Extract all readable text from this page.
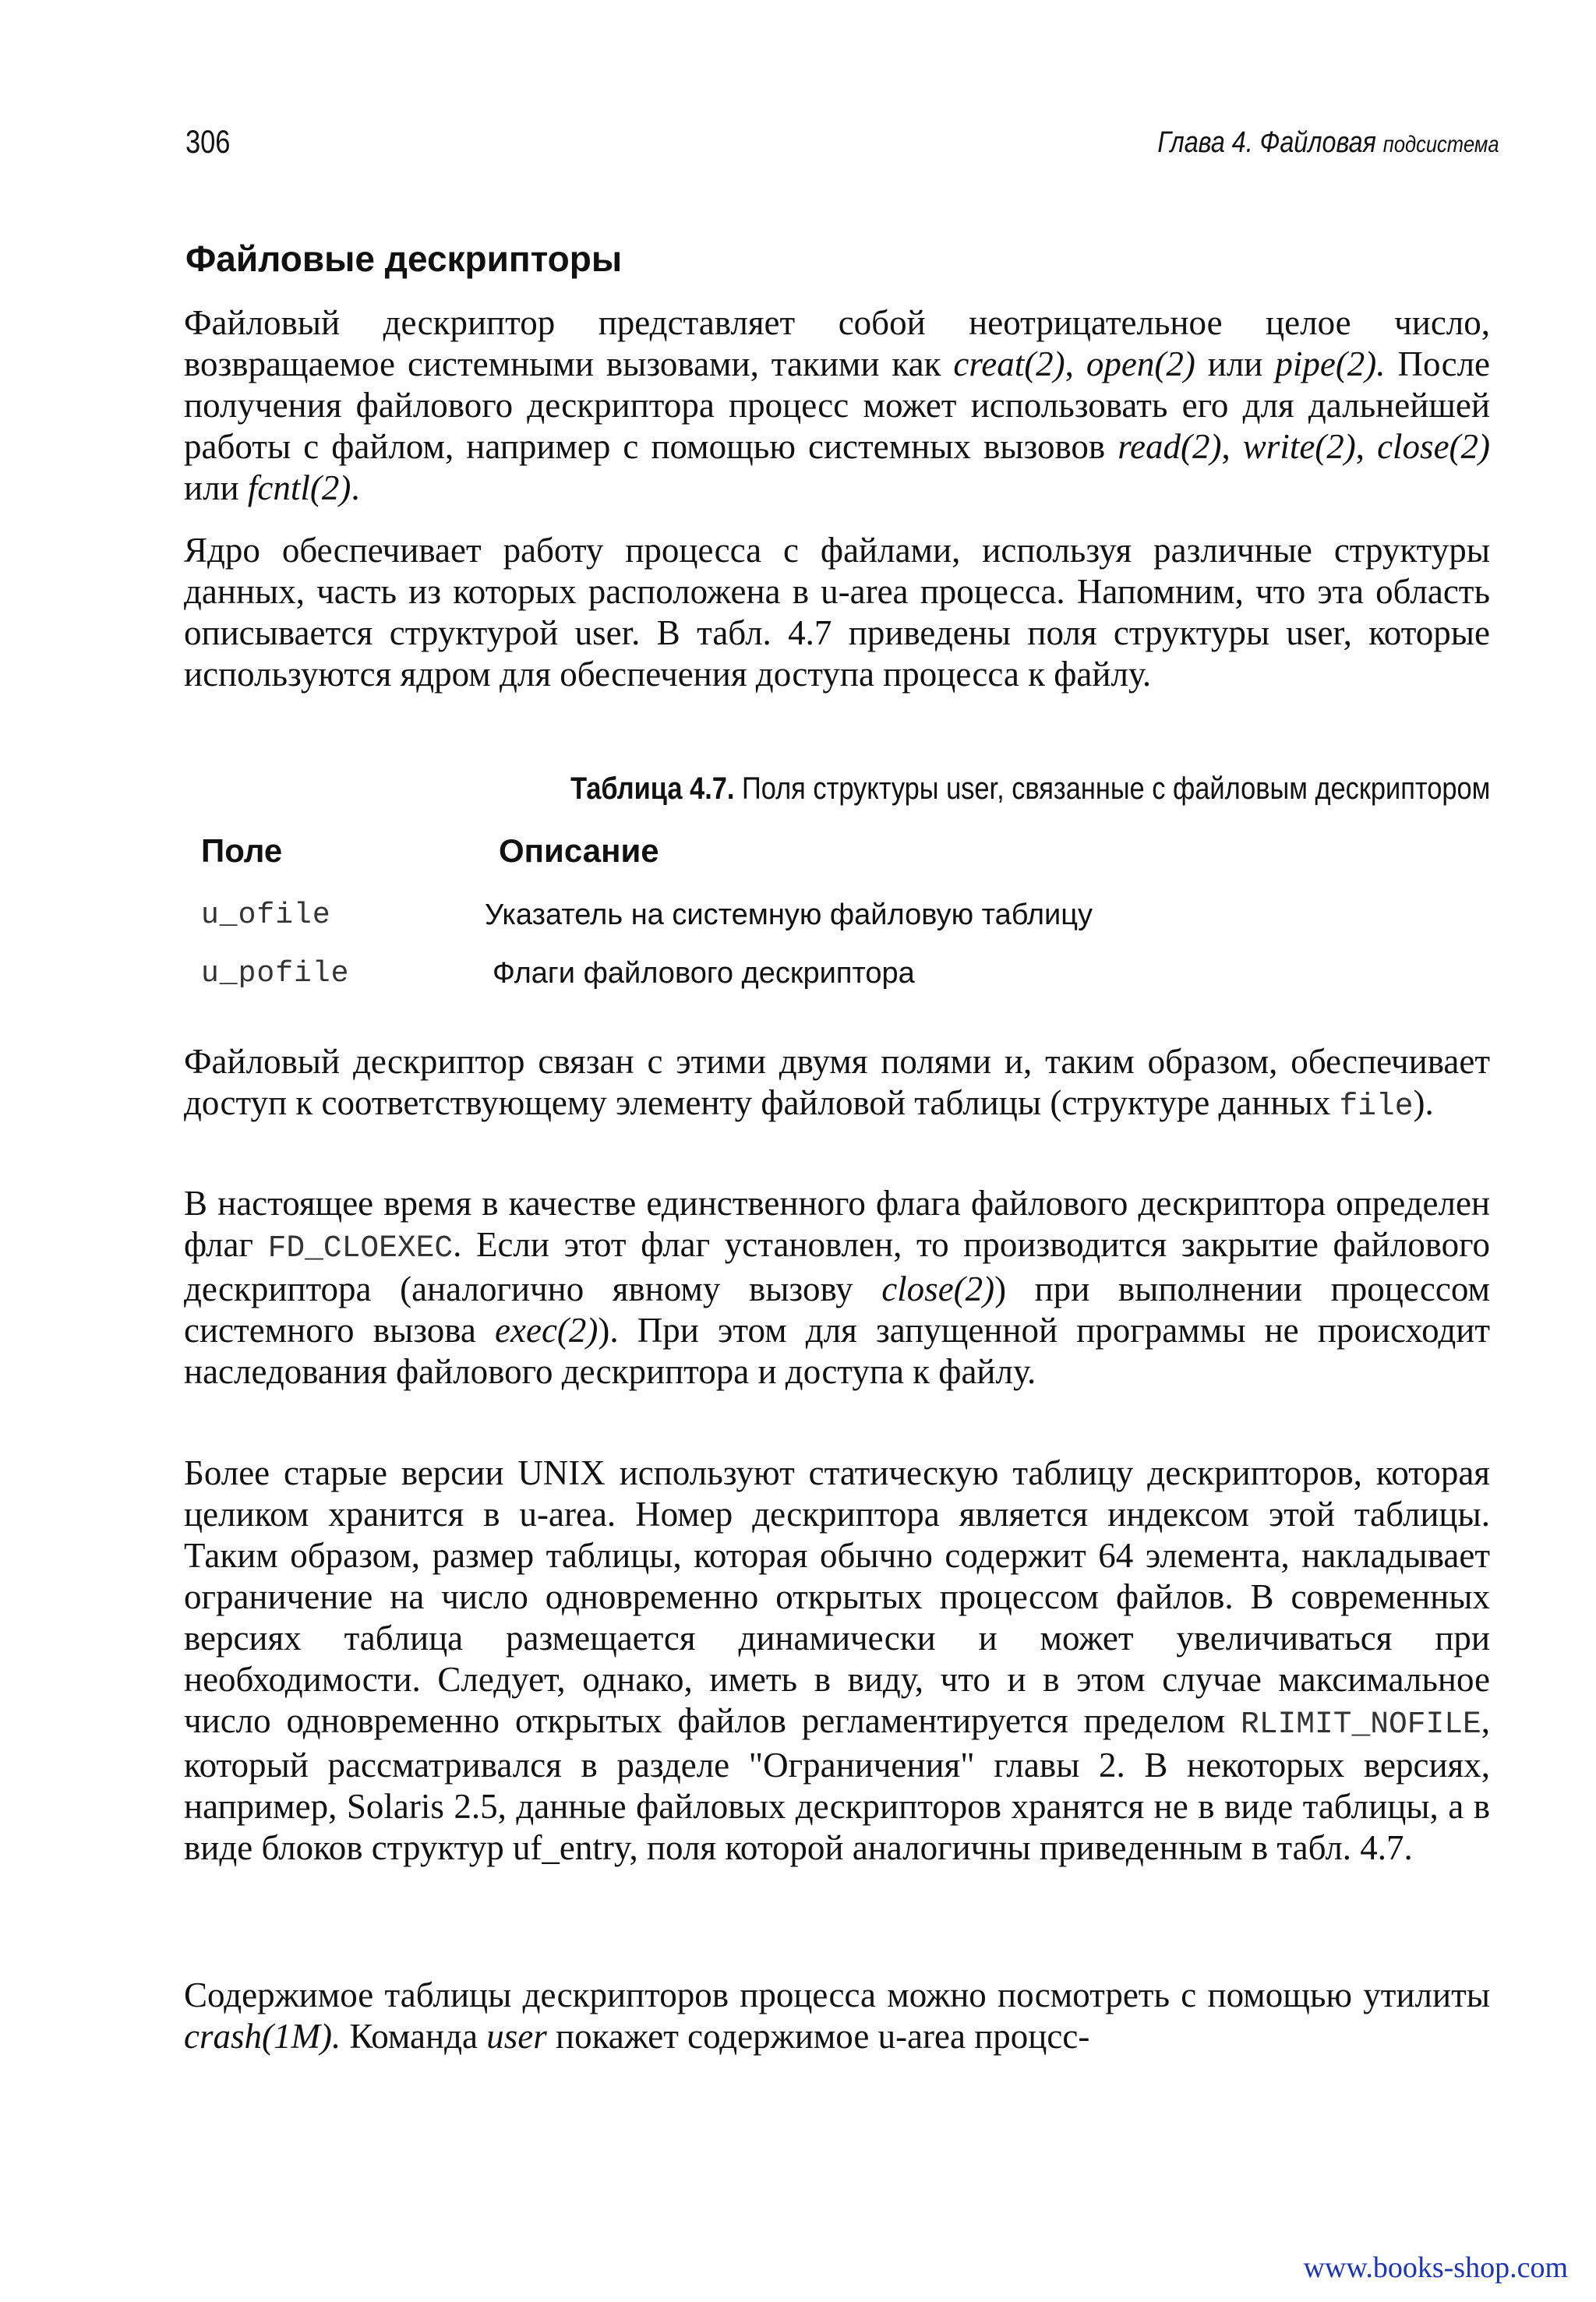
306	Глава 4. Файловая подсистема
Файловые дескрипторы
Файловый дескриптор представляет собой неотрицательное целое число, возвращаемое системными вызовами, такими как creat(2), open(2) или pipe(2). После получения файлового дескриптора процесс может использовать его для дальнейшей работы с файлом, например с помощью системных вызовов read(2), write(2), close(2) или fcntl(2).
Ядро обеспечивает работу процесса с файлами, используя различные структуры данных, часть из которых расположена в u-area процесса. Напомним, что эта область описывается структурой user. В табл. 4.7 приведены поля структуры user, которые используются ядром для обеспечения доступа процесса к файлу.
Таблица 4.7. Поля структуры user, связанные с файловым дескриптором
Поле	Описание
u_ofile	Указатель на системную файловую таблицу
u_pofile	Флаги файлового дескриптора
Файловый дескриптор связан с этими двумя полями и, таким образом, обеспечивает доступ к соответствующему элементу файловой таблицы (структуре данных file).
В настоящее время в качестве единственного флага файлового дескриптора определен флаг FD_CLOEXEC. Если этот флаг установлен, то производится закрытие файлового дескриптора (аналогично явному вызову close(2)) при выполнении процессом системного вызова exec(2)). При этом для запущенной программы не происходит наследования файлового дескриптора и доступа к файлу.
Более старые версии UNIX используют статическую таблицу дескрипторов, которая целиком хранится в u-area. Номер дескриптора является индексом этой таблицы. Таким образом, размер таблицы, которая обычно содержит 64 элемента, накладывает ограничение на число одновременно открытых процессом файлов. В современных версиях таблица размещается динамически и может увеличиваться при необходимости. Следует, однако, иметь в виду, что и в этом случае максимальное число одновременно открытых файлов регламентируется пределом RLIMIT_NOFILE, который рассматривался в разделе "Ограничения" главы 2. В некоторых версиях, например, Solaris 2.5, данные файловых дескрипторов хранятся не в виде таблицы, а в виде блоков структур uf_entry, поля которой аналогичны приведенным в табл. 4.7.
Содержимое таблицы дескрипторов процесса можно посмотреть с помощью утилиты crash(1M). Команда user покажет содержимое u-area процсс-
www.books-shop.com
